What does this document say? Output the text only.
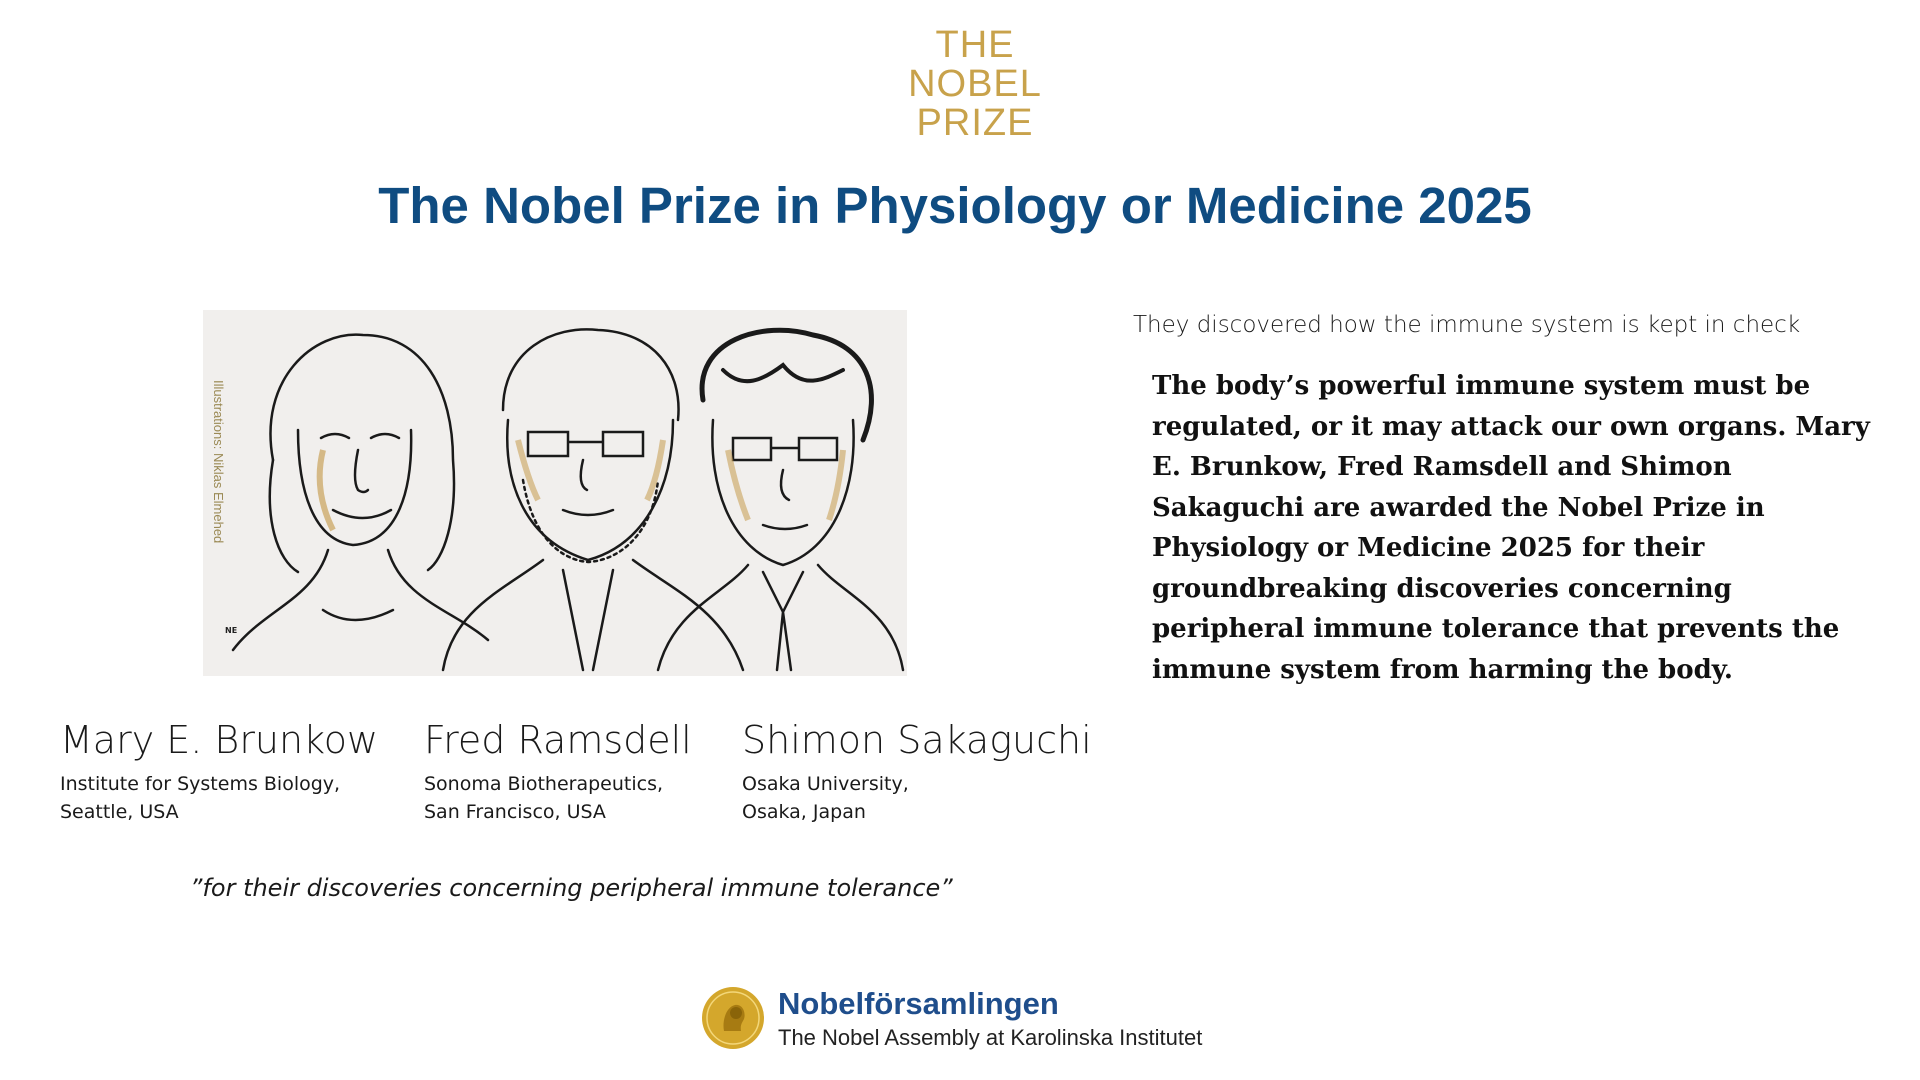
THE
NOBEL
PRIZE
The Nobel Prize in Physiology or Medicine 2025
Illustrations: Niklas Elmehed
NE
Mary E. Brunkow
Institute for Systems Biology,
Seattle, USA
Fred Ramsdell
Sonoma Biotherapeutics,
San Francisco, USA
Shimon Sakaguchi
Osaka University,
Osaka, Japan
”for their discoveries concerning peripheral immune tolerance”
They discovered how the immune system is kept in check
The body’s powerful immune system must be regulated, or it may attack our own organs. Mary E. Brunkow, Fred Ramsdell and Shimon Sakaguchi are awarded the Nobel Prize in Physiology or Medicine 2025 for their groundbreaking discoveries concerning peripheral immune tolerance that prevents the immune system from harming the body.
Nobelförsamlingen
The Nobel Assembly at Karolinska Institutet
